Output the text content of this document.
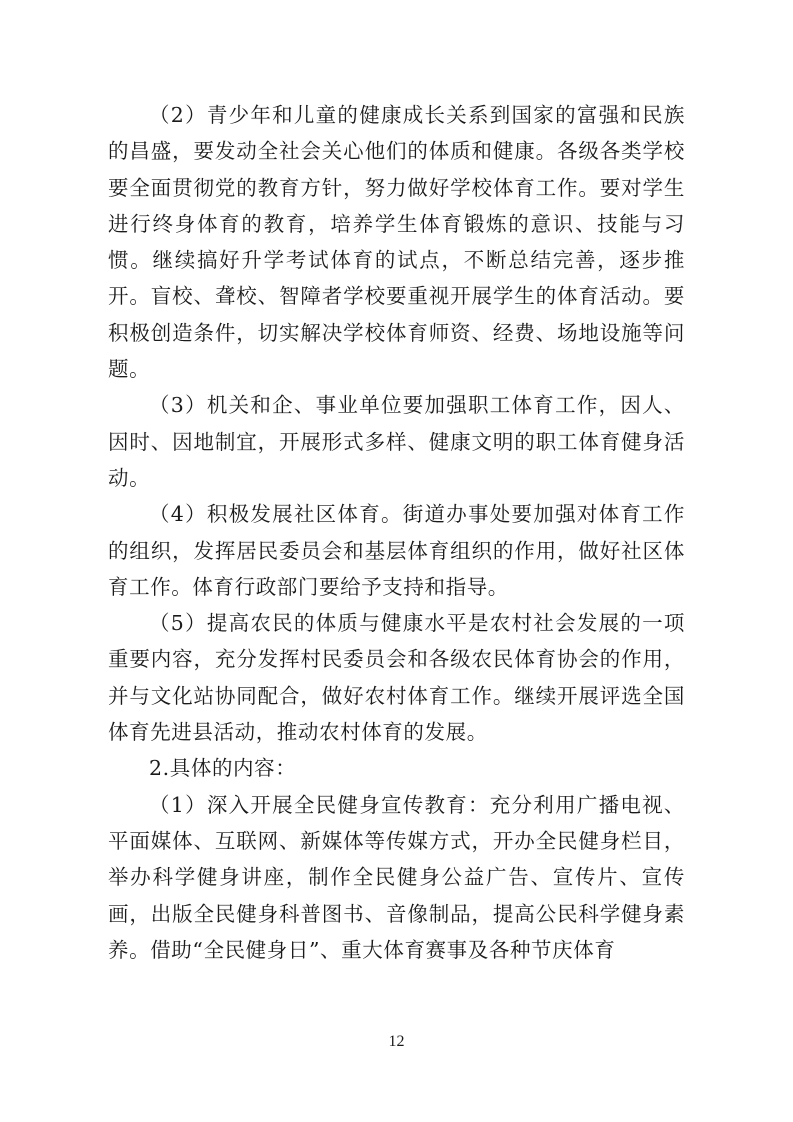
（2）青少年和儿童的健康成长关系到国家的富强和民族的昌盛，要发动全社会关心他们的体质和健康。各级各类学校要全面贯彻党的教育方针，努力做好学校体育工作。要对学生进行终身体育的教育，培养学生体育锻炼的意识、技能与习惯。继续搞好升学考试体育的试点，不断总结完善，逐步推开。盲校、聋校、智障者学校要重视开展学生的体育活动。要积极创造条件，切实解决学校体育师资、经费、场地设施等问题。

（3）机关和企、事业单位要加强职工体育工作，因人、因时、因地制宜，开展形式多样、健康文明的职工体育健身活动。

（4）积极发展社区体育。街道办事处要加强对体育工作的组织，发挥居民委员会和基层体育组织的作用，做好社区体育工作。体育行政部门要给予支持和指导。

（5）提高农民的体质与健康水平是农村社会发展的一项重要内容，充分发挥村民委员会和各级农民体育协会的作用，并与文化站协同配合，做好农村体育工作。继续开展评选全国体育先进县活动，推动农村体育的发展。

2.具体的内容：

（1）深入开展全民健身宣传教育：充分利用广播电视、平面媒体、互联网、新媒体等传媒方式，开办全民健身栏目，举办科学健身讲座，制作全民健身公益广告、宣传片、宣传画，出版全民健身科普图书、音像制品，提高公民科学健身素养。借助“全民健身日”、重大体育赛事及各种节庆体育

12
